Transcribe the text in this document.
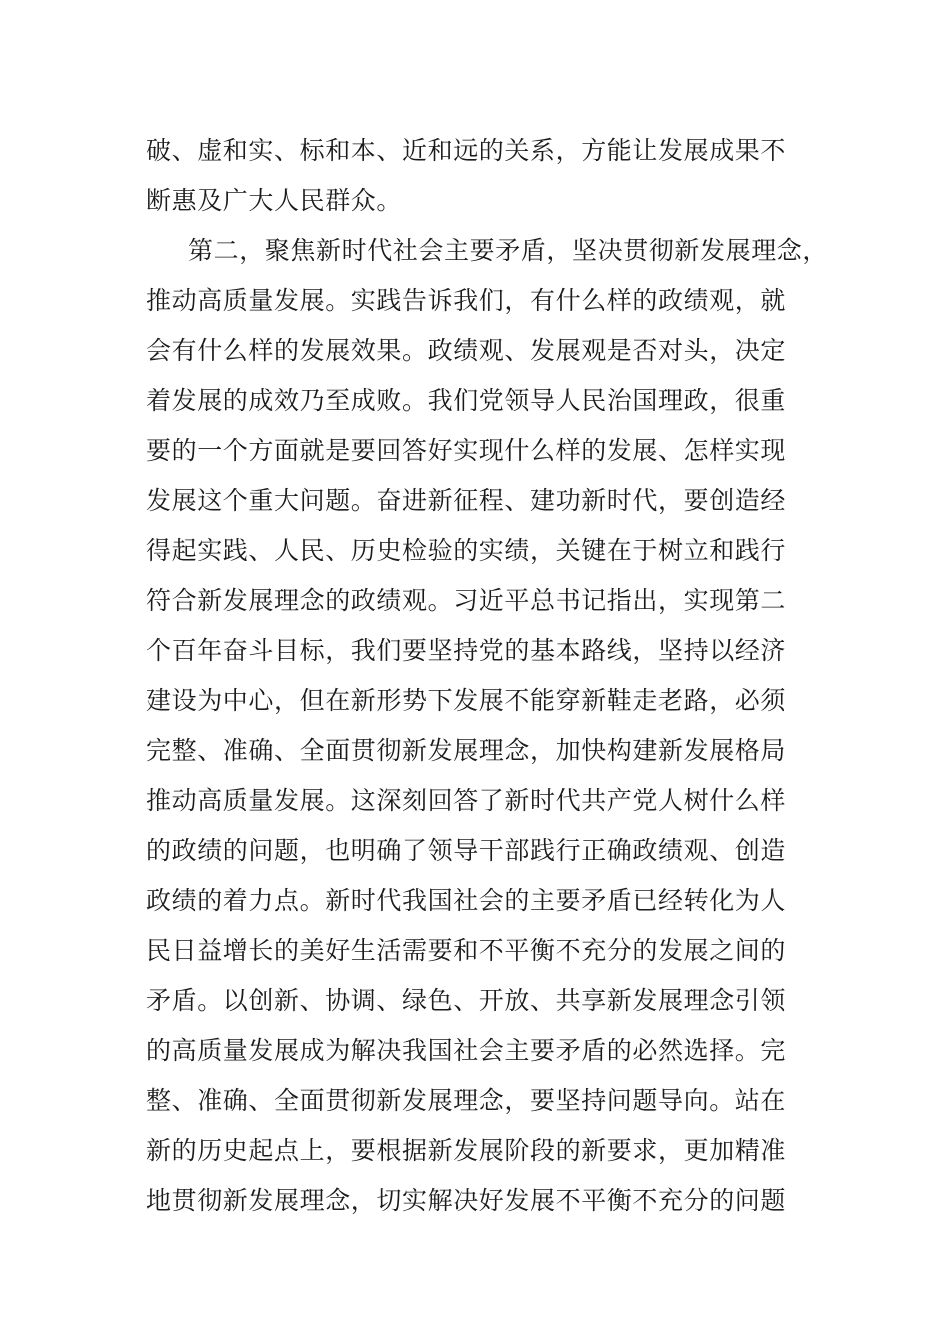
破、虚和实、标和本、近和远的关系，方能让发展成果不
断惠及广大人民群众。
第二，聚焦新时代社会主要矛盾，坚决贯彻新发展理念，
推动高质量发展。实践告诉我们，有什么样的政绩观，就
会有什么样的发展效果。政绩观、发展观是否对头，决定
着发展的成效乃至成败。我们党领导人民治国理政，很重
要的一个方面就是要回答好实现什么样的发展、怎样实现
发展这个重大问题。奋进新征程、建功新时代，要创造经
得起实践、人民、历史检验的实绩，关键在于树立和践行
符合新发展理念的政绩观。习近平总书记指出，实现第二
个百年奋斗目标，我们要坚持党的基本路线，坚持以经济
建设为中心，但在新形势下发展不能穿新鞋走老路，必须
完整、准确、全面贯彻新发展理念，加快构建新发展格局
推动高质量发展。这深刻回答了新时代共产党人树什么样
的政绩的问题，也明确了领导干部践行正确政绩观、创造
政绩的着力点。新时代我国社会的主要矛盾已经转化为人
民日益增长的美好生活需要和不平衡不充分的发展之间的
矛盾。以创新、协调、绿色、开放、共享新发展理念引领
的高质量发展成为解决我国社会主要矛盾的必然选择。完
整、准确、全面贯彻新发展理念，要坚持问题导向。站在
新的历史起点上，要根据新发展阶段的新要求，更加精准
地贯彻新发展理念，切实解决好发展不平衡不充分的问题
